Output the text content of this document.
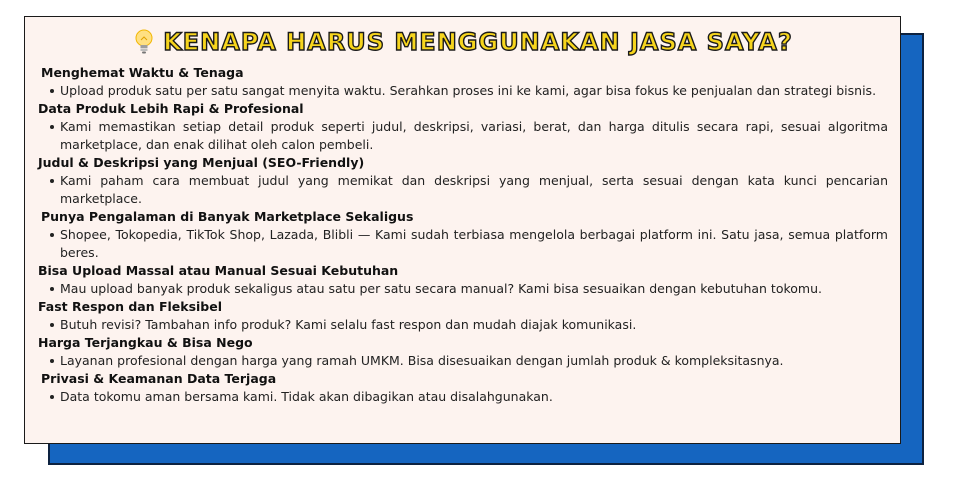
KENAPA HARUS MENGGUNAKAN JASA SAYA?
Menghemat Waktu & Tenaga
Upload produk satu per satu sangat menyita waktu. Serahkan proses ini ke kami, agar bisa fokus ke penjualan dan strategi bisnis.
Data Produk Lebih Rapi & Profesional
Kami memastikan setiap detail produk seperti judul, deskripsi, variasi, berat, dan harga ditulis secara rapi, sesuai algoritma marketplace, dan enak dilihat oleh calon pembeli.
Judul & Deskripsi yang Menjual (SEO-Friendly)
Kami paham cara membuat judul yang memikat dan deskripsi yang menjual, serta sesuai dengan kata kunci pencarian marketplace.
Punya Pengalaman di Banyak Marketplace Sekaligus
Shopee, Tokopedia, TikTok Shop, Lazada, Blibli — Kami sudah terbiasa mengelola berbagai platform ini. Satu jasa, semua platform beres.
Bisa Upload Massal atau Manual Sesuai Kebutuhan
Mau upload banyak produk sekaligus atau satu per satu secara manual? Kami bisa sesuaikan dengan kebutuhan tokomu.
Fast Respon dan Fleksibel
Butuh revisi? Tambahan info produk? Kami selalu fast respon dan mudah diajak komunikasi.
Harga Terjangkau & Bisa Nego
Layanan profesional dengan harga yang ramah UMKM. Bisa disesuaikan dengan jumlah produk & kompleksitasnya.
Privasi & Keamanan Data Terjaga
Data tokomu aman bersama kami. Tidak akan dibagikan atau disalahgunakan.
